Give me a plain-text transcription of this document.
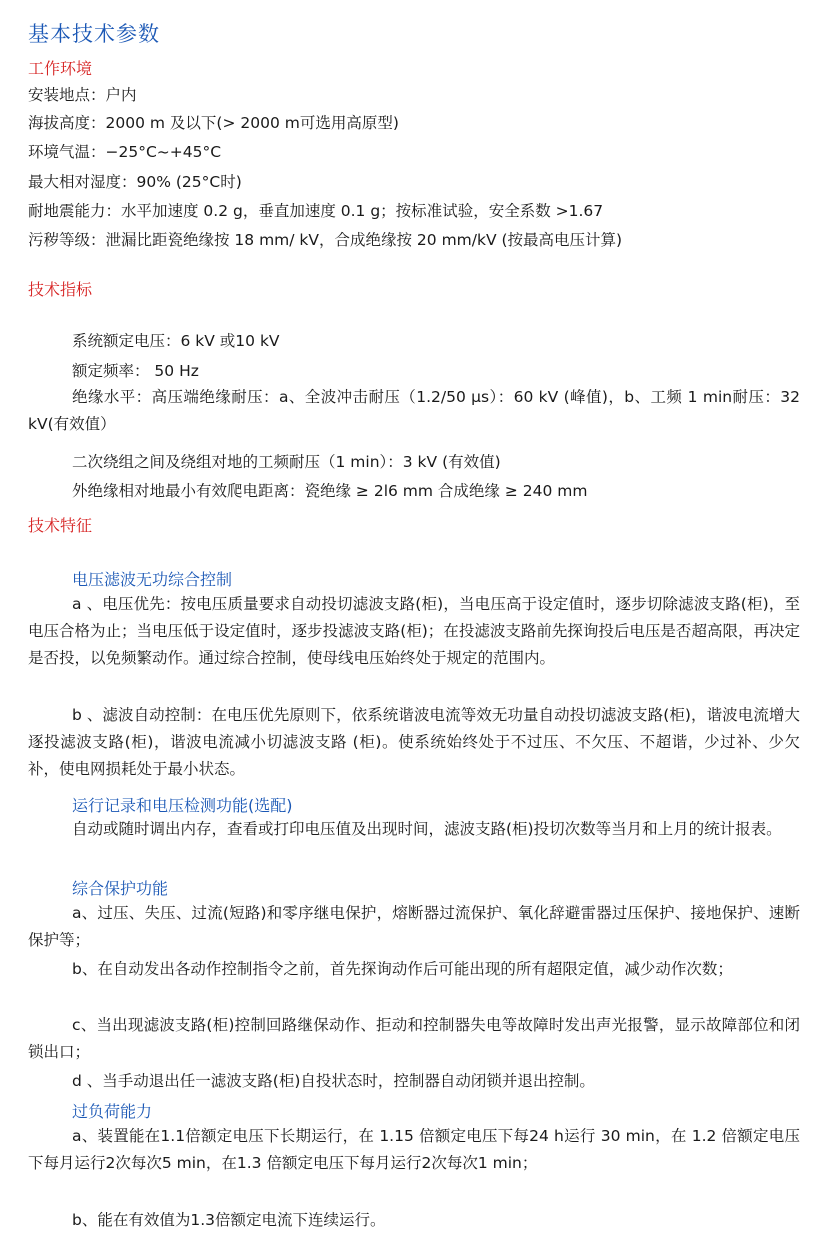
基本技术参数
工作环境
安装地点：户内
海拔高度：2000 m 及以下(> 2000 m可选用高原型)
环境气温：−25°C~+45°C
最大相对湿度：90% (25°C时)
耐地震能力：水平加速度 0.2 g，垂直加速度 0.1 g；按标准试验，安全系数 >1.67
污秽等级：泄漏比距瓷绝缘按 18 mm/ kV，合成绝缘按 20 mm/kV (按最高电压计算)
技术指标
系统额定电压：6 kV 或10 kV
额定频率： 50 Hz
绝缘水平：高压端绝缘耐压：a、全波冲击耐压（1.2/50 μs）：60 kV (峰值)，b、工频 1 min耐压：32 kV(有效值）
二次绕组之间及绕组对地的工频耐压（1 min）：3 kV (有效值)
外绝缘相对地最小有效爬电距离：瓷绝缘 ≥ 2l6 mm 合成绝缘 ≥ 240 mm
技术特征
电压滤波无功综合控制
a 、电压优先：按电压质量要求自动投切滤波支路(柜)，当电压高于设定值时，逐步切除滤波支路(柜)，至电压合格为止；当电压低于设定值时，逐步投滤波支路(柜)；在投滤波支路前先探询投后电压是否超高限，再决定是否投，以免频繁动作。通过综合控制，使母线电压始终处于规定的范围内。
b 、滤波自动控制：在电压优先原则下，依系统谐波电流等效无功量自动投切滤波支路(柜)，谐波电流增大逐投滤波支路(柜)，谐波电流减小切滤波支路 (柜)。使系统始终处于不过压、不欠压、不超谐，少过补、少欠补，使电网损耗处于最小状态。
运行记录和电压检测功能(选配)
自动或随时调出内存，查看或打印电压值及出现时间，滤波支路(柜)投切次数等当月和上月的统计报表。
综合保护功能
a、过压、失压、过流(短路)和零序继电保护，熔断器过流保护、氧化辞避雷器过压保护、接地保护、速断保护等；
b、在自动发出各动作控制指令之前，首先探询动作后可能出现的所有超限定值，减少动作次数；
c、当出现滤波支路(柜)控制回路继保动作、拒动和控制器失电等故障时发出声光报警，显示故障部位和闭锁出口；
d 、当手动退出任一滤波支路(柜)自投状态时，控制器自动闭锁并退出控制。
过负荷能力
a、装置能在1.1倍额定电压下长期运行，在 1.15 倍额定电压下每24 h运行 30 min，在 1.2 倍额定电压下每月运行2次每次5 min，在1.3 倍额定电压下每月运行2次每次1 min；
b、能在有效值为1.3倍额定电流下连续运行。
